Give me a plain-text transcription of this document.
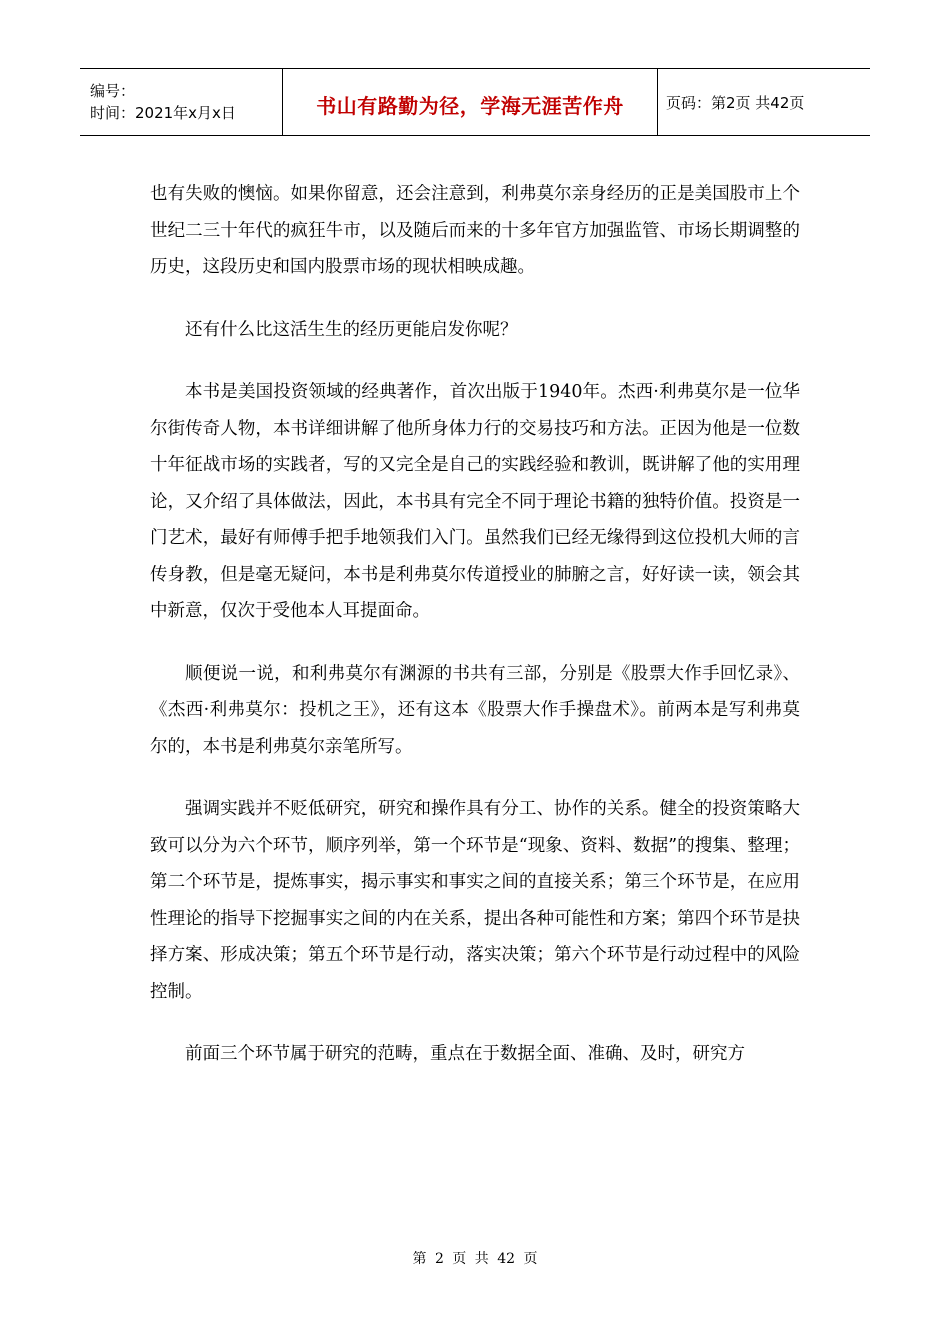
编号：
时间：2021年x月x日	书山有路勤为径，学海无涯苦作舟	页码：第2页 共42页

也有失败的懊恼。如果你留意，还会注意到，利弗莫尔亲身经历的正是美国股市上个世纪二三十年代的疯狂牛市，以及随后而来的十多年官方加强监管、市场长期调整的历史，这段历史和国内股票市场的现状相映成趣。

还有什么比这活生生的经历更能启发你呢？

本书是美国投资领域的经典著作，首次出版于1940年。杰西·利弗莫尔是一位华尔街传奇人物，本书详细讲解了他所身体力行的交易技巧和方法。正因为他是一位数十年征战市场的实践者，写的又完全是自己的实践经验和教训，既讲解了他的实用理论，又介绍了具体做法，因此，本书具有完全不同于理论书籍的独特价值。投资是一门艺术，最好有师傅手把手地领我们入门。虽然我们已经无缘得到这位投机大师的言传身教，但是毫无疑问，本书是利弗莫尔传道授业的肺腑之言，好好读一读，领会其中新意，仅次于受他本人耳提面命。

顺便说一说，和利弗莫尔有渊源的书共有三部，分别是《股票大作手回忆录》、《杰西·利弗莫尔：投机之王》，还有这本《股票大作手操盘术》。前两本是写利弗莫尔的，本书是利弗莫尔亲笔所写。

强调实践并不贬低研究，研究和操作具有分工、协作的关系。健全的投资策略大致可以分为六个环节，顺序列举，第一个环节是“现象、资料、数据”的搜集、整理；第二个环节是，提炼事实，揭示事实和事实之间的直接关系；第三个环节是，在应用性理论的指导下挖掘事实之间的内在关系，提出各种可能性和方案；第四个环节是抉择方案、形成决策；第五个环节是行动，落实决策；第六个环节是行动过程中的风险控制。

前面三个环节属于研究的范畴，重点在于数据全面、准确、及时，研究方

第 2 页 共 42 页
